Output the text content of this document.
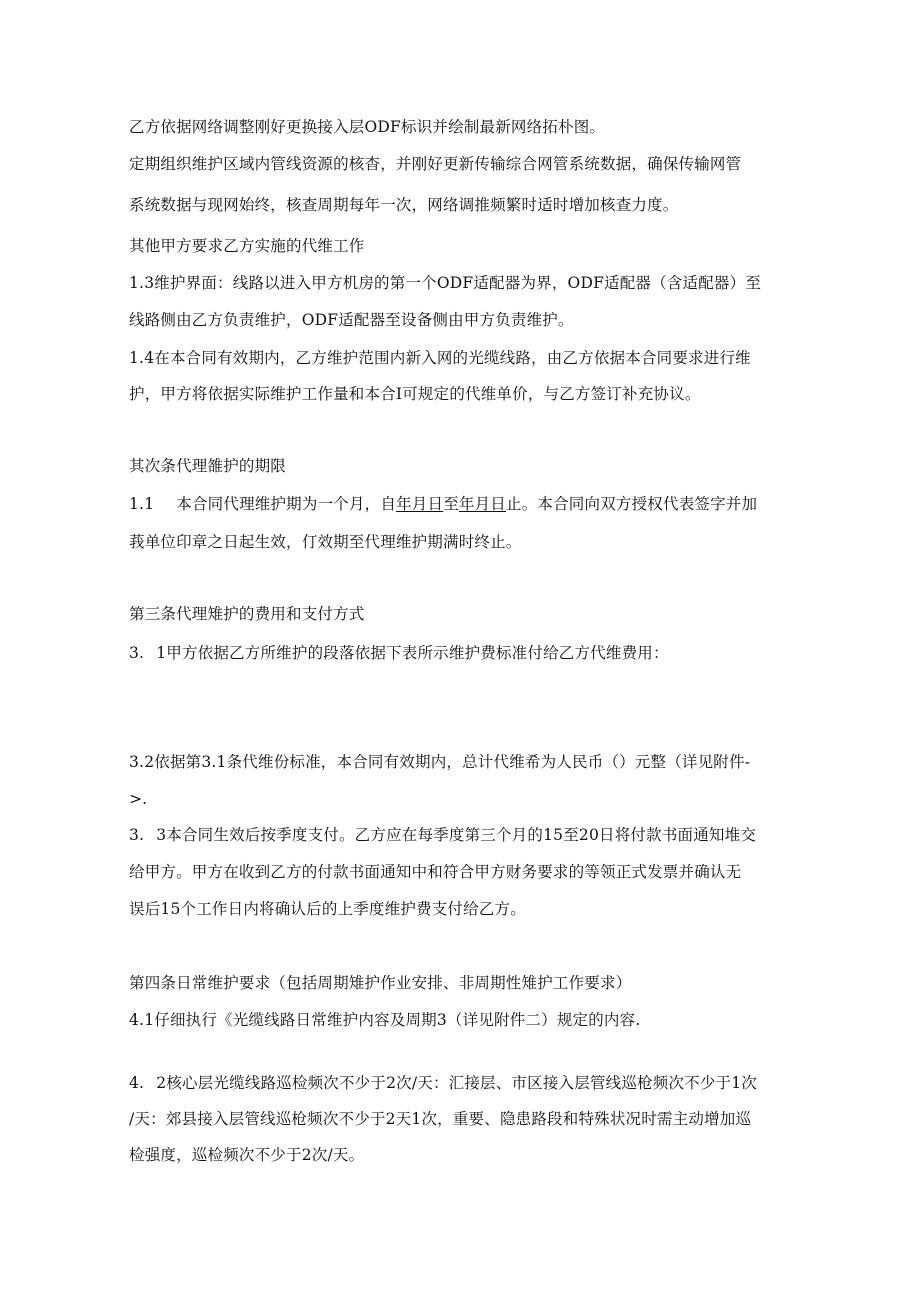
乙方依据网络调整刚好更换接入层ODF标识并绘制最新网络拓朴图。
定期组织维护区域内管线资源的核杳，并刚好更新传输综合网管系统数据，确保传输网管
系统数据与现网始终，核查周期每年一次，网络调推频繁时适时增加核查力度。
其他甲方要求乙方实施的代维工作
1.3维护界面：线路以进入甲方机房的第一个ODF适配器为界，ODF适配器（含适配器）至
线路侧由乙方负责维护，ODF适配器至设备侧由甲方负责维护。
1.4在本合同有效期内，乙方维护范围内新入网的光缆线路，由乙方依据本合同要求进行维
护，甲方将依据实际维护工作量和本合I可规定的代维单价，与乙方签订补充协议。
其次条代理雒护的期限
1.1 本合同代理维护期为一个月，自年月日至年月日止。本合同向双方授权代表签字并加
莪单位印章之日起生效，仃效期至代理维护期满时终止。
第三条代理雉护的费用和支付方式
3. 1甲方依据乙方所维护的段落依据下表所示维护费标准付给乙方代维费用：
3.2依据第3.1条代维份标准，本合同有效期内，总计代维希为人民币（）元整（详见附件-
>.
3. 3本合同生效后按季度支付。乙方应在每季度第三个月的15至20日将付款书面通知堆交
给甲方。甲方在收到乙方的付款书面通知中和符合甲方财务要求的等领正式发票并确认无
误后15个工作日内将确认后的上季度维护费支付给乙方。
第四条日常维护要求（包括周期雉护作业安排、非周期性雉护工作要求）
4.1仔细执行《光缆线路日常维护内容及周期3（详见附件二）规定的内容.
4. 2核心层光缆线路巡检频次不少于2次/天：汇接层、市区接入层管线巡枪频次不少于1次
/天：郊县接入层管线巡枪频次不少于2天1次，重要、隐患路段和特殊状况时需主动增加巡
检强度，巡检频次不少于2次/天。
